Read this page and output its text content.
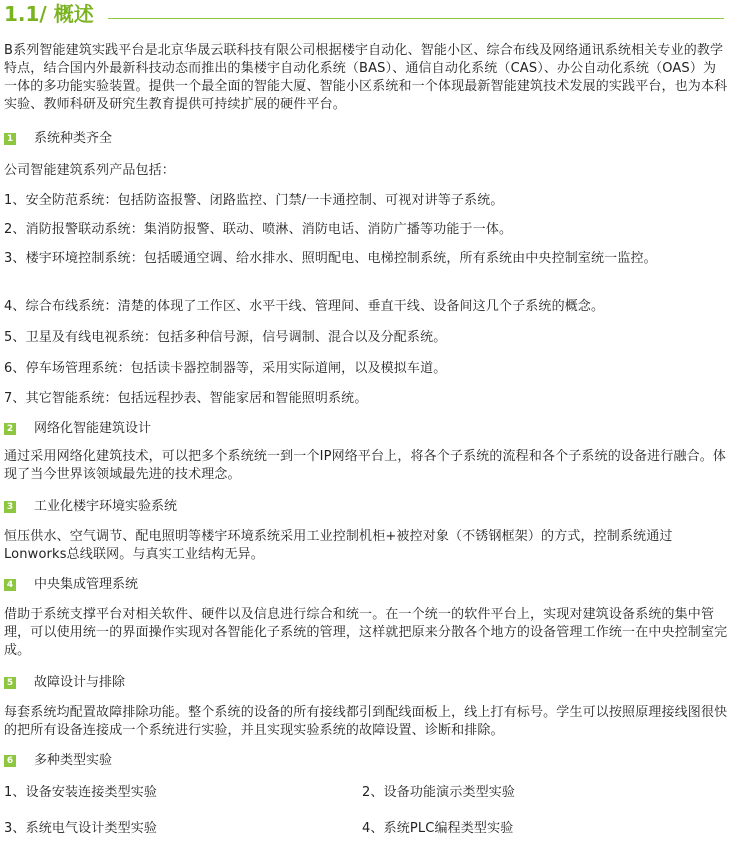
1.1/ 概述

B系列智能建筑实践平台是北京华晟云联科技有限公司根据楼宇自动化、智能小区、综合布线及网络通讯系统相关专业的教学特点，结合国内外最新科技动态而推出的集楼宇自动化系统（BAS）、通信自动化系统（CAS）、办公自动化系统（OAS）为一体的多功能实验装置。提供一个最全面的智能大厦、智能小区系统和一个体现最新智能建筑技术发展的实践平台，也为本科实验、教师科研及研究生教育提供可持续扩展的硬件平台。

1 系统种类齐全
公司智能建筑系列产品包括：
1、安全防范系统：包括防盗报警、闭路监控、门禁/一卡通控制、可视对讲等子系统。
2、消防报警联动系统：集消防报警、联动、喷淋、消防电话、消防广播等功能于一体。

3、楼宇环境控制系统：包括暖通空调、给水排水、照明配电、电梯控制系统，所有系统由中央控制室统一监控。

4、综合布线系统：清楚的体现了工作区、水平干线、管理间、垂直干线、设备间这几个子系统的概念。
5、卫星及有线电视系统：包括多种信号源，信号调制、混合以及分配系统。
6、停车场管理系统：包括读卡器控制器等，采用实际道闸，以及模拟车道。
7、其它智能系统：包括远程抄表、智能家居和智能照明系统。
2 网络化智能建筑设计

通过采用网络化建筑技术，可以把多个系统统一到一个IP网络平台上，将各个子系统的流程和各个子系统的设备进行融合。体现了当今世界该领域最先进的技术理念。

3 工业化楼宇环境实验系统

恒压供水、空气调节、配电照明等楼宇环境系统采用工业控制机柜+被控对象（不锈钢框架）的方式，控制系统通过Lonworks总线联网。与真实工业结构无异。

4 中央集成管理系统

借助于系统支撑平台对相关软件、硬件以及信息进行综合和统一。在一个统一的软件平台上，实现对建筑设备系统的集中管理，可以使用统一的界面操作实现对各智能化子系统的管理，这样就把原来分散各个地方的设备管理工作统一在中央控制室完成。

5 故障设计与排除

每套系统均配置故障排除功能。整个系统的设备的所有接线都引到配线面板上，线上打有标号。学生可以按照原理接线图很快的把所有设备连接成一个系统进行实验，并且实现实验系统的故障设置、诊断和排除。

6 多种类型实验
1、设备安装连接类型实验	2、设备功能演示类型实验
3、系统电气设计类型实验	4、系统PLC编程类型实验
